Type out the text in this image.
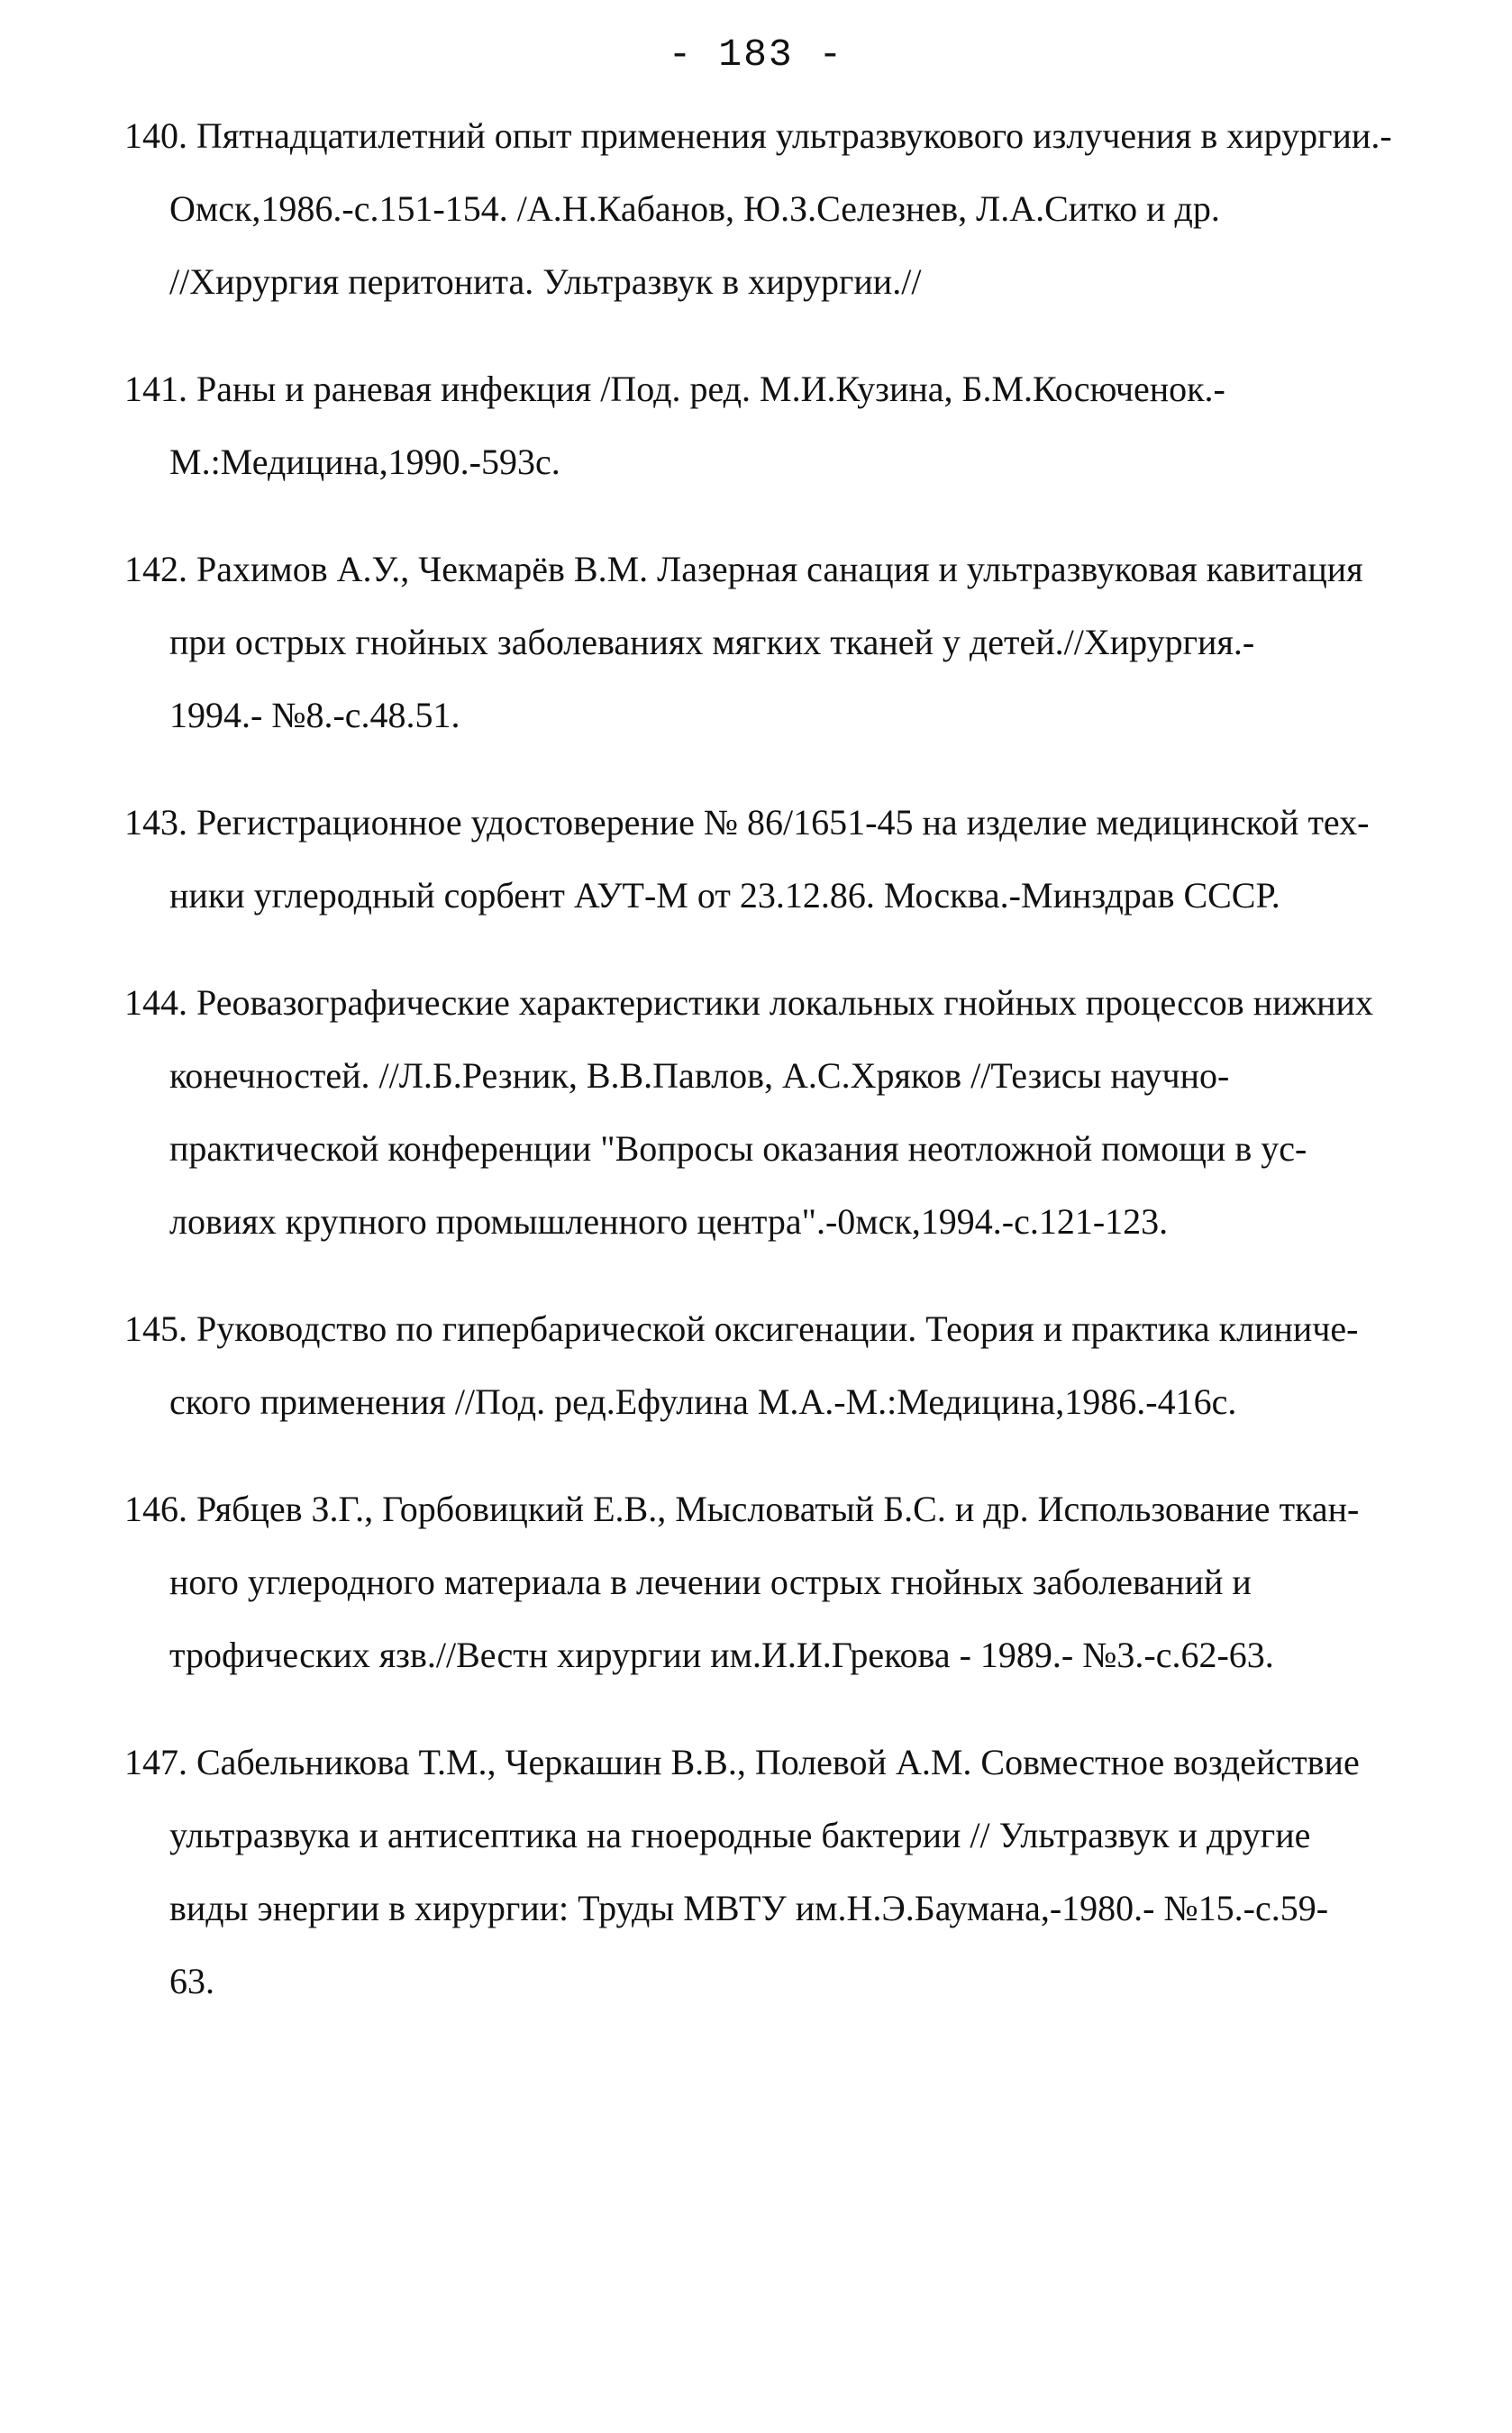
- 183 -
140. Пятнадцатилетний опыт применения ультразвукового излучения в хирургии.-
Омск,1986.-с.151-154. /А.Н.Кабанов, Ю.З.Селезнев, Л.А.Ситко и др.
//Хирургия перитонита. Ультразвук в хирургии.//
141. Раны и раневая инфекция /Под. ред. М.И.Кузина, Б.М.Косюченок.-
М.:Медицина,1990.-593с.
142. Рахимов А.У., Чекмарёв В.М. Лазерная санация и ультразвуковая кавитация
при острых гнойных заболеваниях мягких тканей у детей.//Хирургия.-
1994.- №8.-с.48.51.
143. Регистрационное удостоверение № 86/1651-45 на изделие медицинской тех-
ники углеродный сорбент АУТ-М от 23.12.86. Москва.-Минздрав СССР.
144. Реовазографические характеристики локальных гнойных процессов нижних
конечностей. //Л.Б.Резник, В.В.Павлов, А.С.Хряков //Тезисы научно-
практической конференции "Вопросы оказания неотложной помощи в ус-
ловиях крупного промышленного центра".-0мск,1994.-с.121-123.
145. Руководство по гипербарической оксигенации. Теория и практика клиниче-
ского применения //Под. ред.Ефулина М.А.-М.:Медицина,1986.-416с.
146. Рябцев З.Г., Горбовицкий Е.В., Мысловатый Б.С. и др. Использование ткан-
ного углеродного материала в лечении острых гнойных заболеваний и
трофических язв.//Вестн хирургии им.И.И.Грекова - 1989.- №3.-с.62-63.
147. Сабельникова Т.М., Черкашин В.В., Полевой А.М. Совместное воздействие
ультразвука и антисептика на гноеродные бактерии // Ультразвук и другие
виды энергии в хирургии: Труды МВТУ им.Н.Э.Баумана,-1980.- №15.-с.59-
63.
